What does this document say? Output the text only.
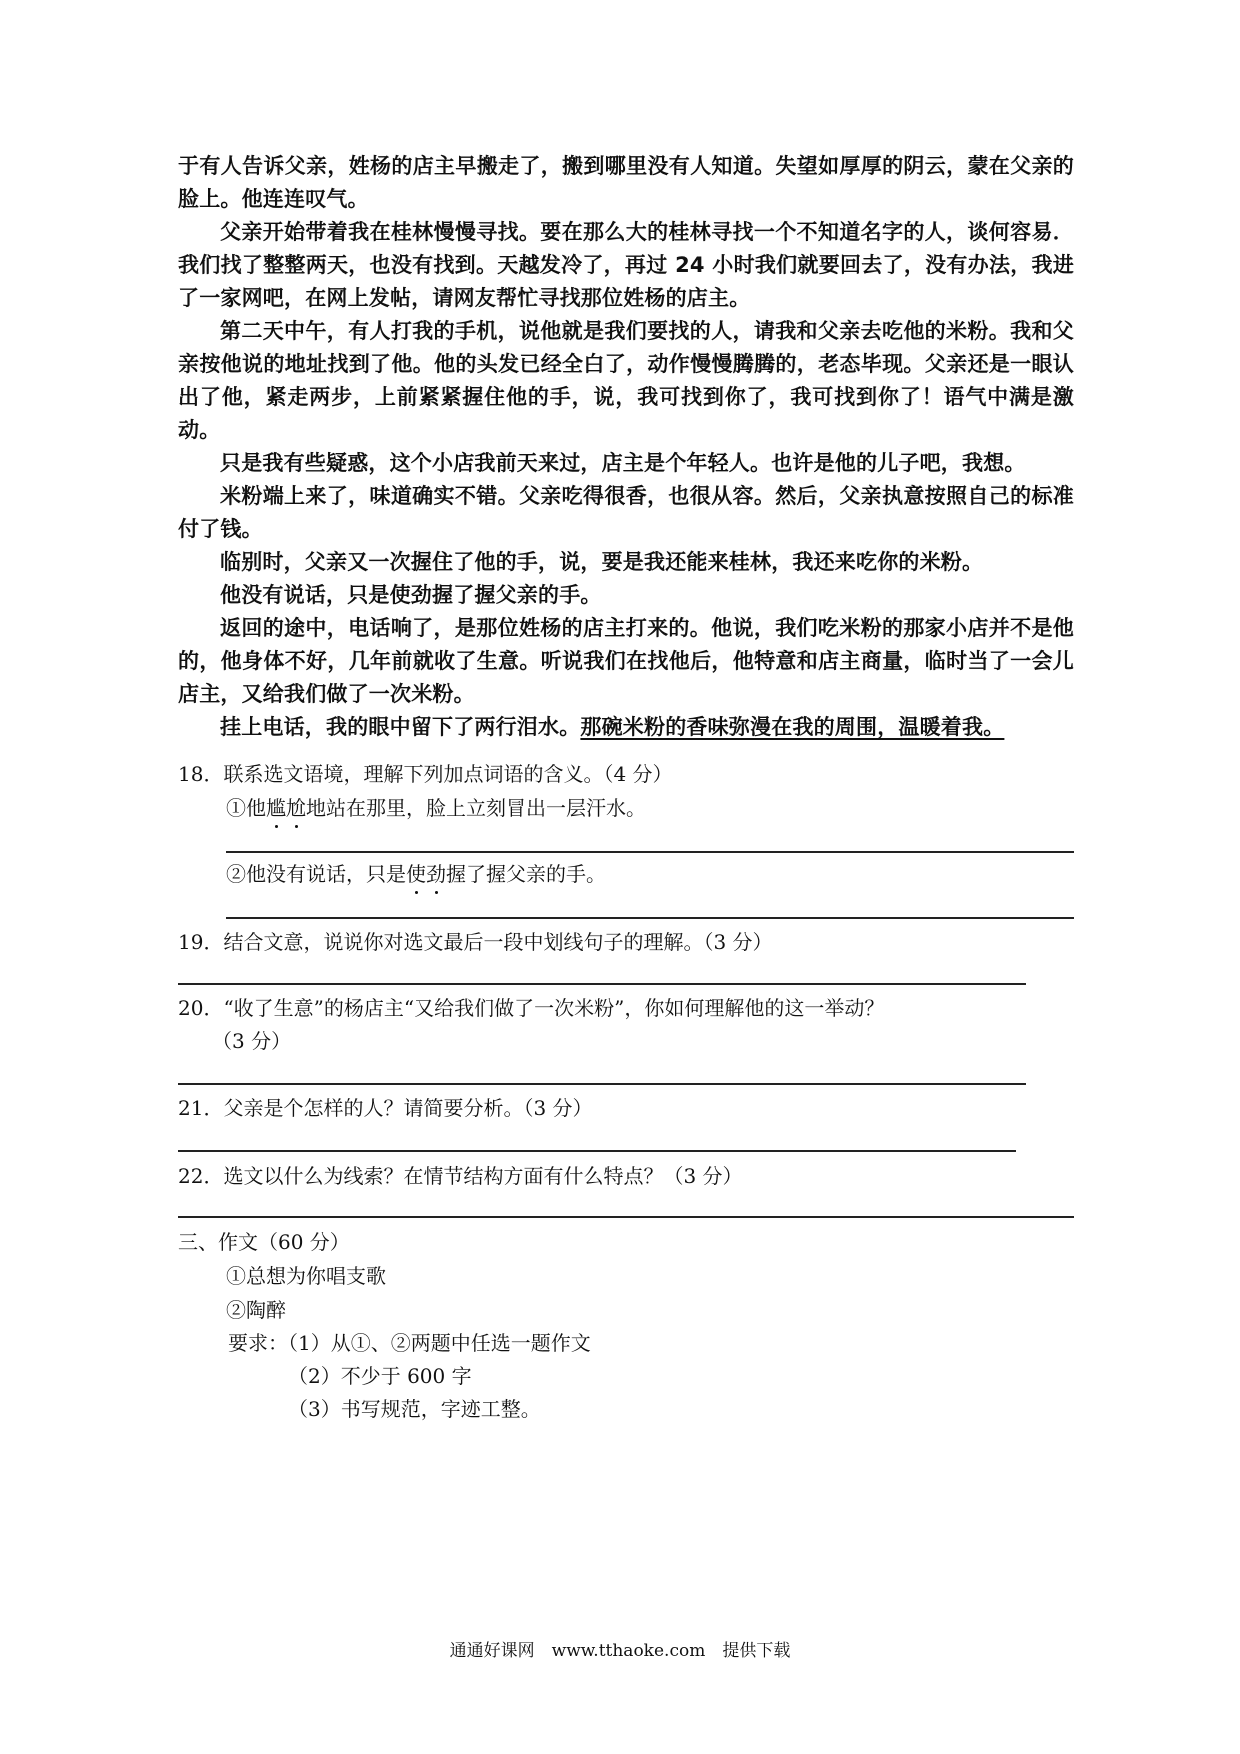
于有人告诉父亲，姓杨的店主早搬走了，搬到哪里没有人知道。失望如厚厚的阴云，蒙在父亲的脸上。他连连叹气。

父亲开始带着我在桂林慢慢寻找。要在那么大的桂林寻找一个不知道名字的人，谈何容易．我们找了整整两天，也没有找到。天越发冷了，再过 24 小时我们就要回去了，没有办法，我进了一家网吧，在网上发帖，请网友帮忙寻找那位姓杨的店主。

第二天中午，有人打我的手机，说他就是我们要找的人，请我和父亲去吃他的米粉。我和父亲按他说的地址找到了他。他的头发已经全白了，动作慢慢腾腾的，老态毕现。父亲还是一眼认出了他，紧走两步，上前紧紧握住他的手，说，我可找到你了，我可找到你了！语气中满是激动。

只是我有些疑惑，这个小店我前天来过，店主是个年轻人。也许是他的儿子吧，我想。

米粉端上来了，味道确实不错。父亲吃得很香，也很从容。然后，父亲执意按照自己的标准付了钱。

临别时，父亲又一次握住了他的手，说，要是我还能来桂林，我还来吃你的米粉。

他没有说话，只是使劲握了握父亲的手。

返回的途中，电话响了，是那位姓杨的店主打来的。他说，我们吃米粉的那家小店并不是他的，他身体不好，几年前就收了生意。听说我们在找他后，他特意和店主商量，临时当了一会儿店主，又给我们做了一次米粉。

挂上电话，我的眼中留下了两行泪水。那碗米粉的香味弥漫在我的周围，温暖着我。

18．联系选文语境，理解下列加点词语的含义。（4 分）
①他尴尬地站在那里，脸上立刻冒出一层汗水。
②他没有说话，只是使劲握了握父亲的手。
19．结合文意，说说你对选文最后一段中划线句子的理解。（3 分）
20．“收了生意”的杨店主“又给我们做了一次米粉”，你如何理解他的这一举动？
（3 分）
21．父亲是个怎样的人？请简要分析。（3 分）
22．选文以什么为线索？在情节结构方面有什么特点？（3 分）
三、作文（60 分）
①总想为你唱支歌
②陶醉
要求：（1）从①、②两题中任选一题作文
（2）不少于 600 字
（3）书写规范，字迹工整。
通通好课网　www.tthaoke.com　提供下载
